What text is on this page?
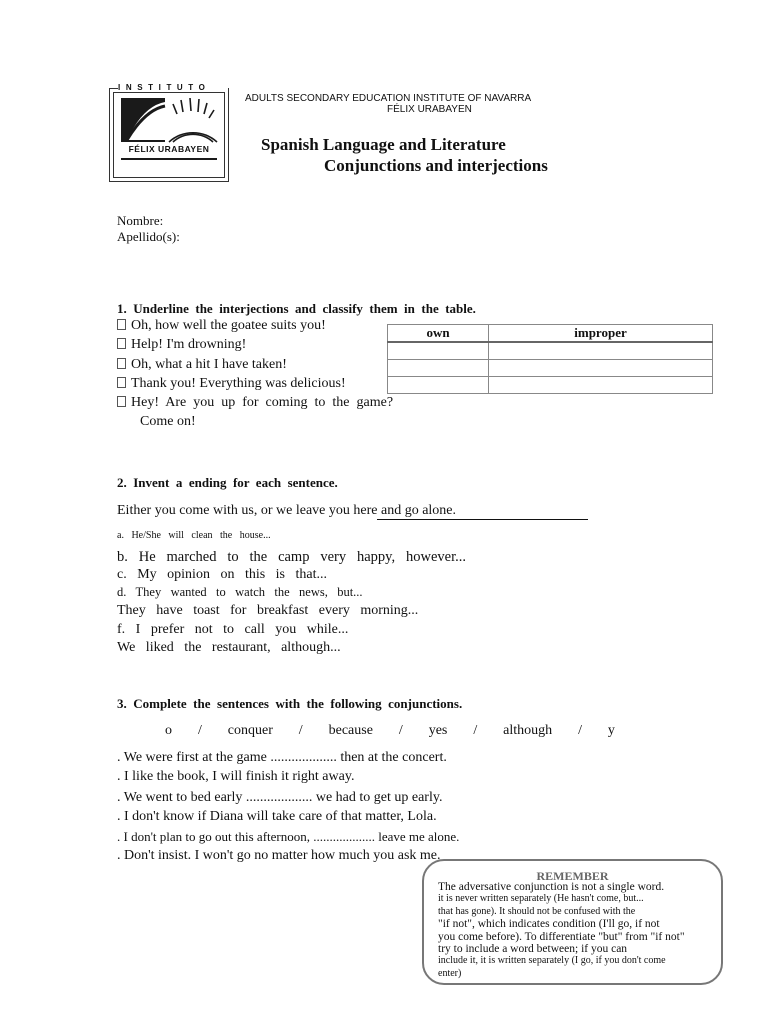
INSTITUTO
FÉLIX URABAYEN
ADULTS SECONDARY EDUCATION INSTITUTE OF NAVARRA
FÉLIX URABAYEN
Spanish Language and Literature
Conjunctions and interjections
Nombre:
Apellido(s):
1.  Underline  the  interjections  and  classify  them  in  the  table.
Oh, how well the goatee suits you!
Help! I'm drowning!
Oh, what a hit I have taken!
Thank you! Everything was delicious!
Hey!  Are  you  up  for  coming  to  the  game?
Come on!
own	improper

2.  Invent  a  ending  for  each  sentence.
Either you come with us, or we leave you here and go alone.
a.   He/She   will   clean   the   house...
b.   He   marched   to   the   camp   very   happy,   however...
c.   My   opinion   on   this   is   that...
d.   They   wanted   to   watch   the   news,   but...
They   have   toast   for   breakfast   every   morning...
f.   I   prefer   not   to   call   you   while...
We   liked   the   restaurant,   although...
3.  Complete  the  sentences  with  the  following  conjunctions.
o / conquer / because / yes / although / y
. We were first at the game ................... then at the concert.
. I like the book, I will finish it right away.
. We went to bed early ................... we had to get up early.
. I don't know if Diana will take care of that matter, Lola.
. I don't plan to go out this afternoon, ................... leave me alone.
. Don't insist. I won't go no matter how much you ask me.
REMEMBER
The adversative conjunction is not a single word.
it is never written separately (He hasn't come, but...
that has gone). It should not be confused with the
"if not", which indicates condition (I'll go, if not
you come before). To differentiate "but" from "if not"
try to include a word between; if you can
include it, it is written separately (I go, if you don't come
enter)
